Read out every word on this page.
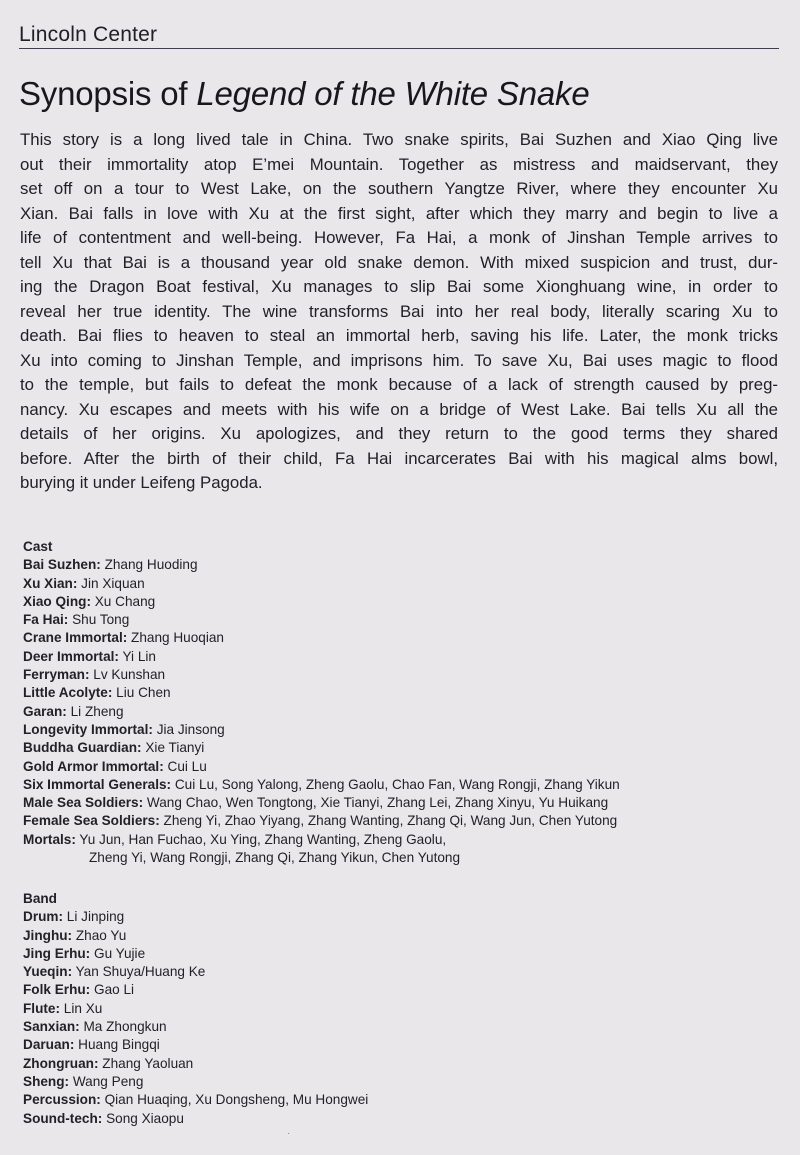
Lincoln Center
Synopsis of Legend of the White Snake
This story is a long lived tale in China. Two snake spirits, Bai Suzhen and Xiao Qing live
out their immortality atop E’mei Mountain. Together as mistress and maidservant, they
set off on a tour to West Lake, on the southern Yangtze River, where they encounter Xu
Xian. Bai falls in love with Xu at the first sight, after which they marry and begin to live a
life of contentment and well-being. However, Fa Hai, a monk of Jinshan Temple arrives to
tell Xu that Bai is a thousand year old snake demon. With mixed suspicion and trust, dur-
ing the Dragon Boat festival, Xu manages to slip Bai some Xionghuang wine, in order to
reveal her true identity. The wine transforms Bai into her real body, literally scaring Xu to
death. Bai flies to heaven to steal an immortal herb, saving his life. Later, the monk tricks
Xu into coming to Jinshan Temple, and imprisons him. To save Xu, Bai uses magic to flood
to the temple, but fails to defeat the monk because of a lack of strength caused by preg-
nancy. Xu escapes and meets with his wife on a bridge of West Lake. Bai tells Xu all the
details of her origins. Xu apologizes, and they return to the good terms they shared
before. After the birth of their child, Fa Hai incarcerates Bai with his magical alms bowl,
burying it under Leifeng Pagoda.
Cast
Bai Suzhen: Zhang Huoding
Xu Xian: Jin Xiquan
Xiao Qing: Xu Chang
Fa Hai: Shu Tong
Crane Immortal: Zhang Huoqian
Deer Immortal: Yi Lin
Ferryman: Lv Kunshan
Little Acolyte: Liu Chen
Garan: Li Zheng
Longevity Immortal: Jia Jinsong
Buddha Guardian: Xie Tianyi
Gold Armor Immortal: Cui Lu
Six Immortal Generals: Cui Lu, Song Yalong, Zheng Gaolu, Chao Fan, Wang Rongji, Zhang Yikun
Male Sea Soldiers: Wang Chao, Wen Tongtong, Xie Tianyi, Zhang Lei, Zhang Xinyu, Yu Huikang
Female Sea Soldiers: Zheng Yi, Zhao Yiyang, Zhang Wanting, Zhang Qi, Wang Jun, Chen Yutong
Mortals: Yu Jun, Han Fuchao, Xu Ying, Zhang Wanting, Zheng Gaolu,
Zheng Yi, Wang Rongji, Zhang Qi, Zhang Yikun, Chen Yutong
Band
Drum: Li Jinping
Jinghu: Zhao Yu
Jing Erhu: Gu Yujie
Yueqin: Yan Shuya/Huang Ke
Folk Erhu: Gao Li
Flute: Lin Xu
Sanxian: Ma Zhongkun
Daruan: Huang Bingqi
Zhongruan: Zhang Yaoluan
Sheng: Wang Peng
Percussion: Qian Huaqing, Xu Dongsheng, Mu Hongwei
Sound-tech: Song Xiaopu
·
